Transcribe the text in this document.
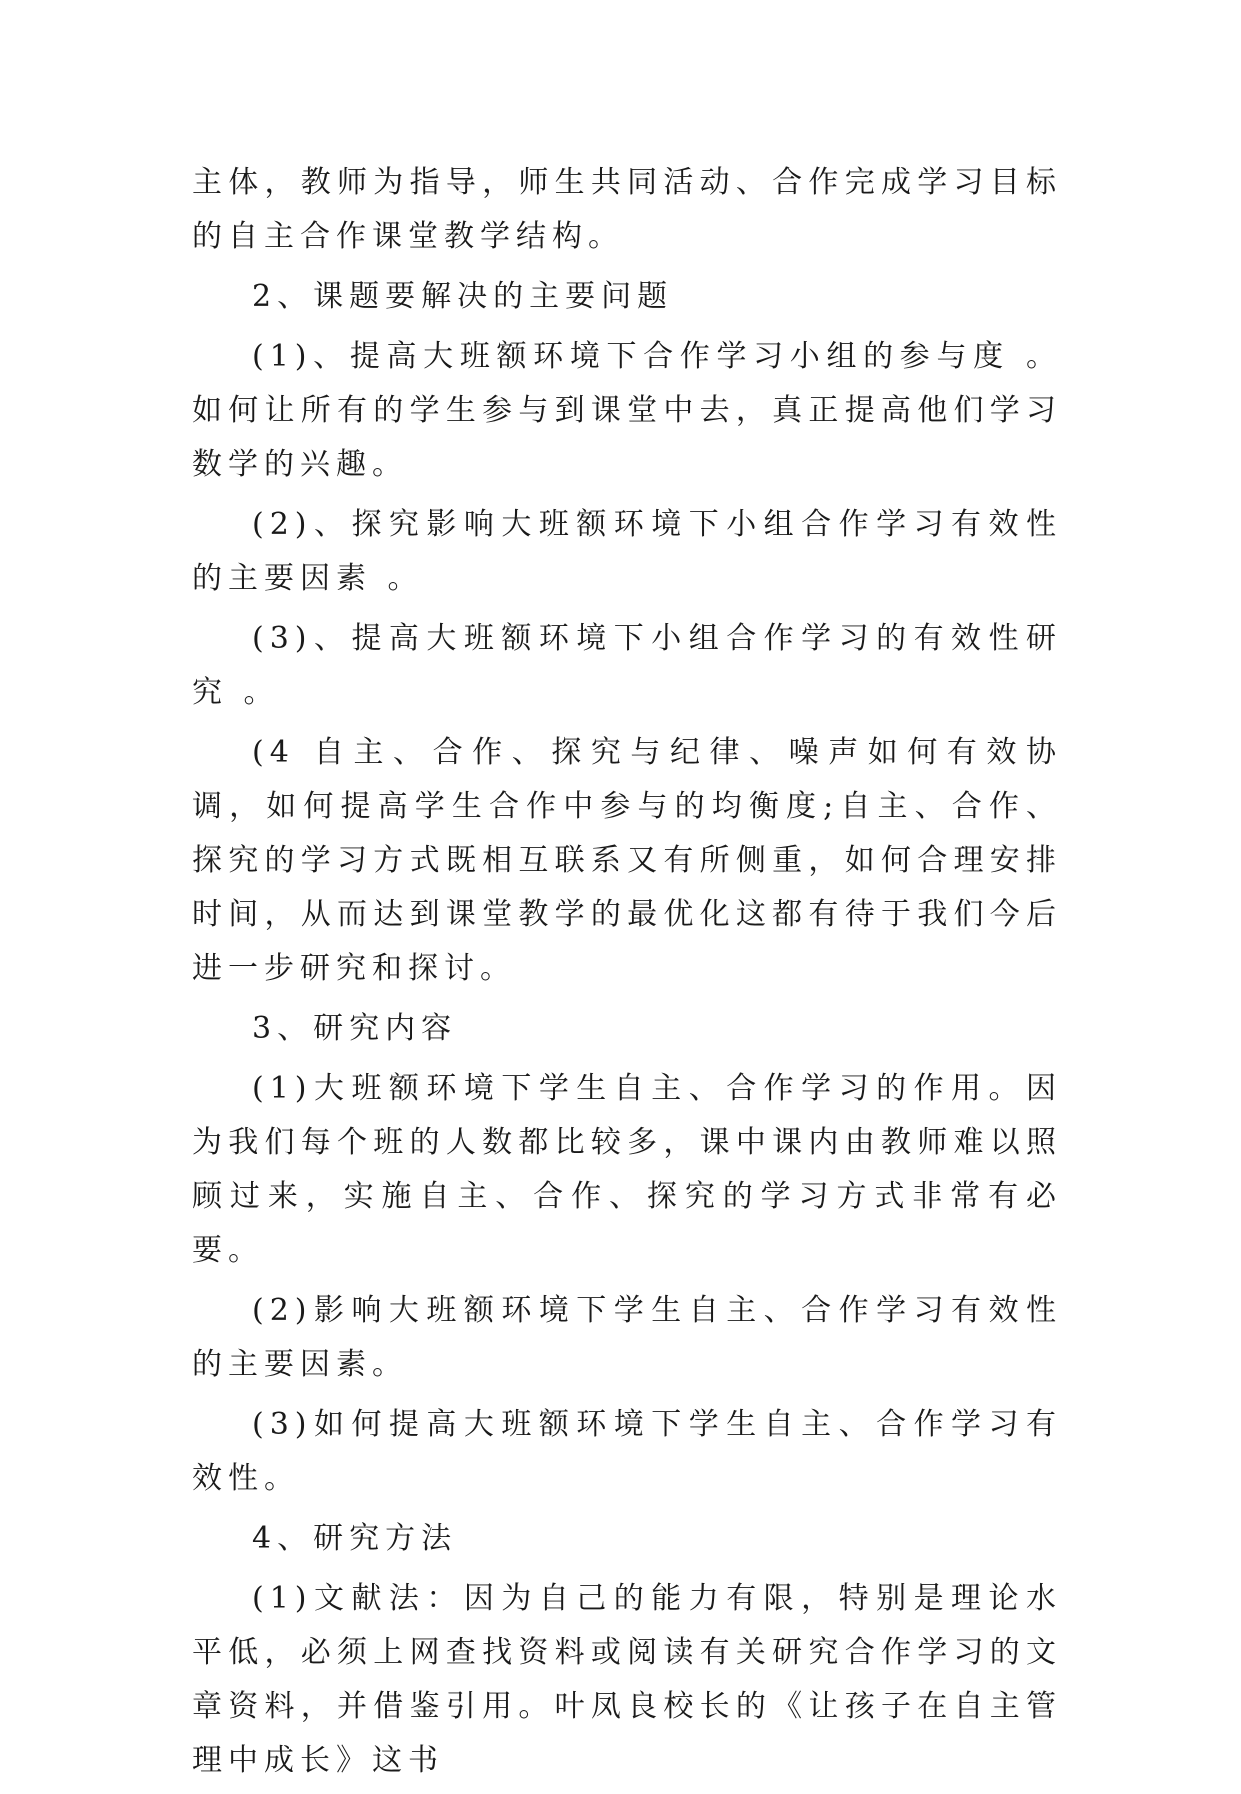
主体，教师为指导，师生共同活动、合作完成学习目标的自主合作课堂教学结构。

2、课题要解决的主要问题

(1)、提高大班额环境下合作学习小组的参与度 。如何让所有的学生参与到课堂中去，真正提高他们学习数学的兴趣。

(2)、探究影响大班额环境下小组合作学习有效性的主要因素 。

(3)、提高大班额环境下小组合作学习的有效性研究 。

(4 自主、合作、探究与纪律、噪声如何有效协调，如何提高学生合作中参与的均衡度;自主、合作、探究的学习方式既相互联系又有所侧重，如何合理安排时间，从而达到课堂教学的最优化这都有待于我们今后进一步研究和探讨。

3、研究内容

(1)大班额环境下学生自主、合作学习的作用。因为我们每个班的人数都比较多，课中课内由教师难以照顾过来，实施自主、合作、探究的学习方式非常有必要。

(2)影响大班额环境下学生自主、合作学习有效性的主要因素。

(3)如何提高大班额环境下学生自主、合作学习有效性。

4、研究方法

(1)文献法：因为自己的能力有限，特别是理论水平低，必须上网查找资料或阅读有关研究合作学习的文章资料，并借鉴引用。叶凤良校长的《让孩子在自主管理中成长》这书
